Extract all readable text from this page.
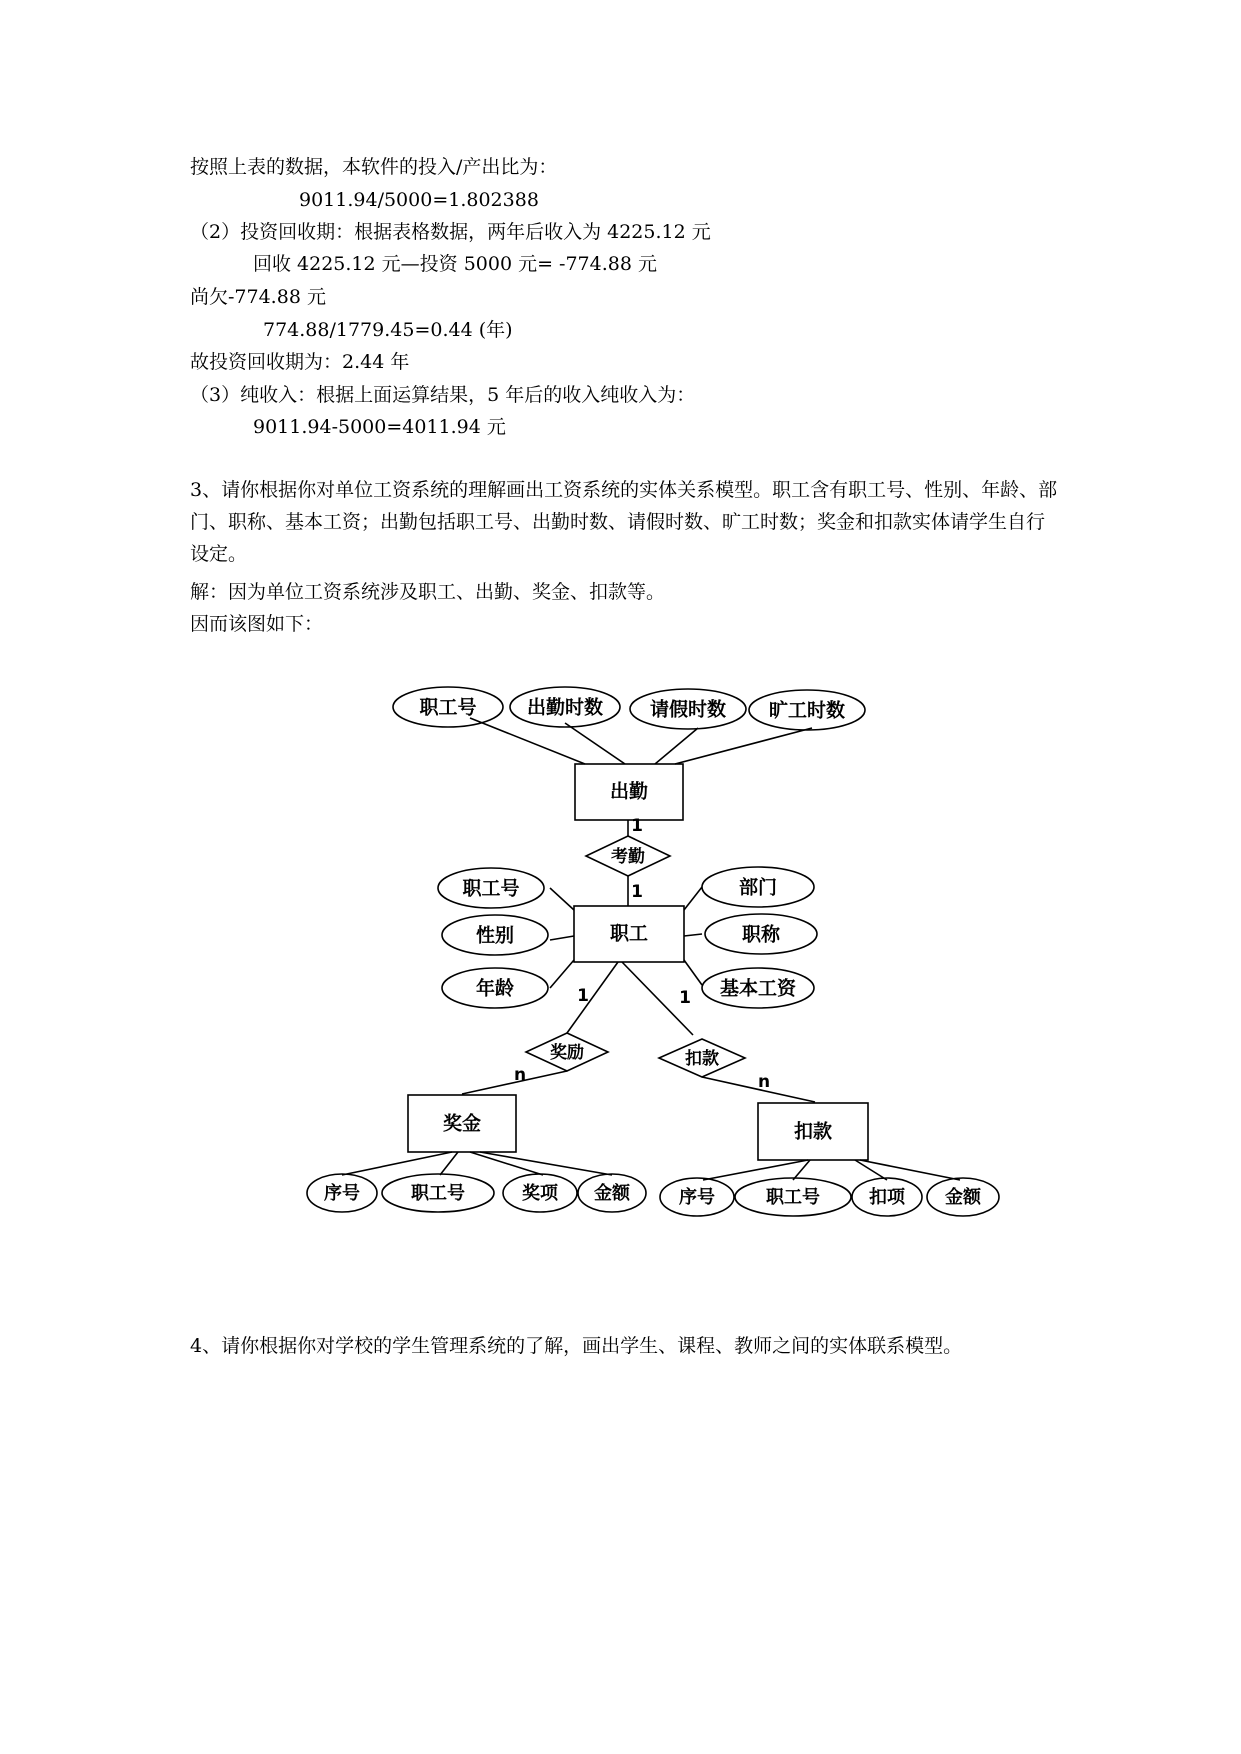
按照上表的数据，本软件的投入/产出比为：
9011.94/5000=1.802388
（2）投资回收期：根据表格数据，两年后收入为 4225.12 元
回收 4225.12 元—投资 5000 元= -774.88 元
尚欠-774.88 元
774.88/1779.45=0.44 (年)
故投资回收期为：2.44 年
（3）纯收入：根据上面运算结果，5 年后的收入纯收入为：
9011.94-5000=4011.94 元
3、请你根据你对单位工资系统的理解画出工资系统的实体关系模型。职工含有职工号、性别、年龄、部门、职称、基本工资；出勤包括职工号、出勤时数、请假时数、旷工时数；奖金和扣款实体请学生自行设定。
解：因为单位工资系统涉及职工、出勤、奖金、扣款等。
因而该图如下：
职工号	出勤时数 请假时数 旷工时数
出勤
职工
奖金	扣款
考勤
奖励	扣款
职工号
性别
年龄
部门
职称
基本工资
序号	职工号	奖项 金额	序号	职工号	扣项 金额
1
1
1	1
n	n
4、请你根据你对学校的学生管理系统的了解，画出学生、课程、教师之间的实体联系模型。
